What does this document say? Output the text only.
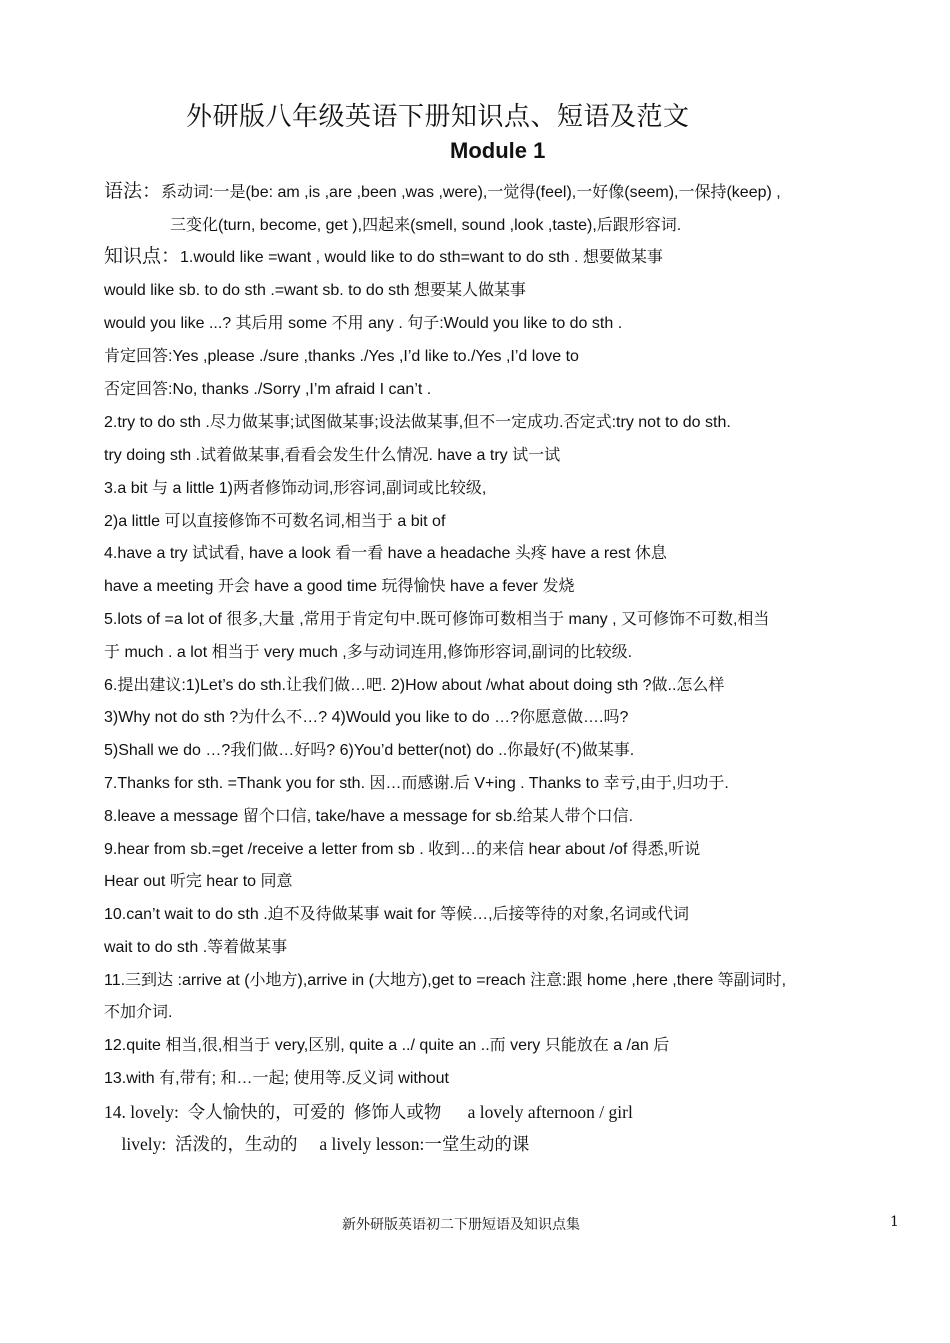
外研版八年级英语下册知识点、短语及范文
Module 1
语法：系动词:一是(be: am ,is ,are ,been ,was ,were),一觉得(feel),一好像(seem),一保持(keep) ,
三变化(turn, become, get ),四起来(smell, sound ,look ,taste),后跟形容词.
知识点：1.would like =want , would like to do sth=want to do sth . 想要做某事
would like sb. to do sth .=want sb. to do sth 想要某人做某事
would you like ...? 其后用 some 不用 any . 句子:Would you like to do sth .
肯定回答:Yes ,please ./sure ,thanks ./Yes ,I’d like to./Yes ,I’d love to
否定回答:No, thanks ./Sorry ,I’m afraid I can’t .
2.try to do sth .尽力做某事;试图做某事;设法做某事,但不一定成功.否定式:try not to do sth.
try doing sth .试着做某事,看看会发生什么情况. have a try 试一试
3.a bit 与 a little 1)两者修饰动词,形容词,副词或比较级,
2)a little 可以直接修饰不可数名词,相当于 a bit of
4.have a try 试试看, have a look 看一看 have a headache 头疼 have a rest 休息
have a meeting 开会 have a good time 玩得愉快 have a fever 发烧
5.lots of =a lot of 很多,大量 ,常用于肯定句中.既可修饰可数相当于 many , 又可修饰不可数,相当
于 much . a lot 相当于 very much ,多与动词连用,修饰形容词,副词的比较级.
6.提出建议:1)Let’s do sth.让我们做…吧. 2)How about /what about doing sth ?做..怎么样
3)Why not do sth ?为什么不…? 4)Would you like to do …?你愿意做….吗?
5)Shall we do …?我们做…好吗? 6)You’d better(not) do ..你最好(不)做某事.
7.Thanks for sth. =Thank you for sth. 因…而感谢.后 V+ing . Thanks to 幸亏,由于,归功于.
8.leave a message 留个口信, take/have a message for sb.给某人带个口信.
9.hear from sb.=get /receive a letter from sb . 收到…的来信 hear about /of 得悉,听说
Hear out 听完 hear to 同意
10.can’t wait to do sth .迫不及待做某事 wait for 等候…,后接等待的对象,名词或代词
wait to do sth .等着做某事
11.三到达 :arrive at (小地方),arrive in (大地方),get to =reach 注意:跟 home ,here ,there 等副词时,
不加介词.
12.quite 相当,很,相当于 very,区别, quite a ../ quite an ..而 very 只能放在 a /an 后
13.with 有,带有; 和…一起; 使用等.反义词 without
14. lovely:  令人愉快的，可爱的  修饰人或物      a lovely afternoon / girl
lively:  活泼的，生动的     a lively lesson:一堂生动的课
新外研版英语初二下册短语及知识点集	1
